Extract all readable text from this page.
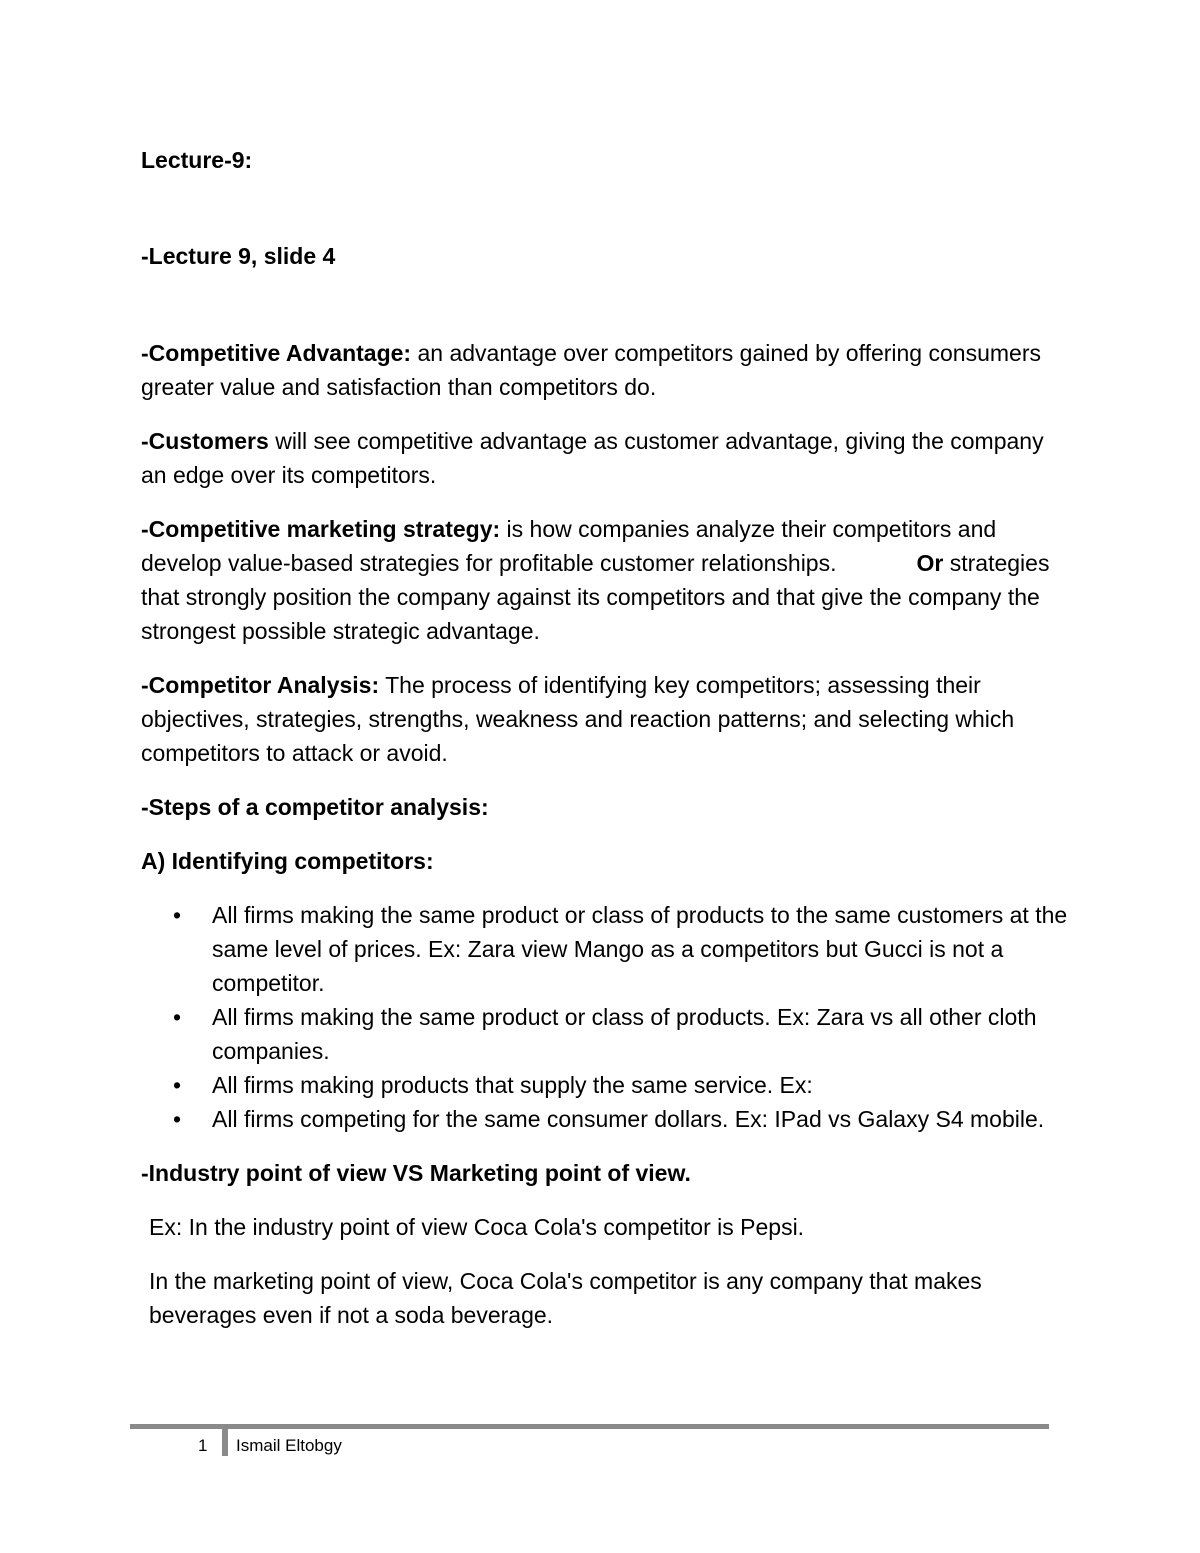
Lecture-9:

-Lecture 9, slide 4

-Competitive Advantage: an advantage over competitors gained by offering consumers greater value and satisfaction than competitors do.

-Customers will see competitive advantage as customer advantage, giving the company an edge over its competitors.

-Competitive marketing strategy: is how companies analyze their competitors and develop value-based strategies for profitable customer relationships.	Or strategies that strongly position the company against its competitors and that give the company the strongest possible strategic advantage.

-Competitor Analysis: The process of identifying key competitors; assessing their objectives, strategies, strengths, weakness and reaction patterns; and selecting which competitors to attack or avoid.

-Steps of a competitor analysis:

A) Identifying competitors:

• All firms making the same product or class of products to the same customers at the same level of prices. Ex: Zara view Mango as a competitors but Gucci is not a competitor.
• All firms making the same product or class of products. Ex: Zara vs all other cloth companies.
• All firms making products that supply the same service. Ex:
• All firms competing for the same consumer dollars. Ex: IPad vs Galaxy S4 mobile.

-Industry point of view VS Marketing point of view.

Ex: In the industry point of view Coca Cola's competitor is Pepsi.

In the marketing point of view, Coca Cola's competitor is any company that makes beverages even if not a soda beverage.

1 Ismail Eltobgy
